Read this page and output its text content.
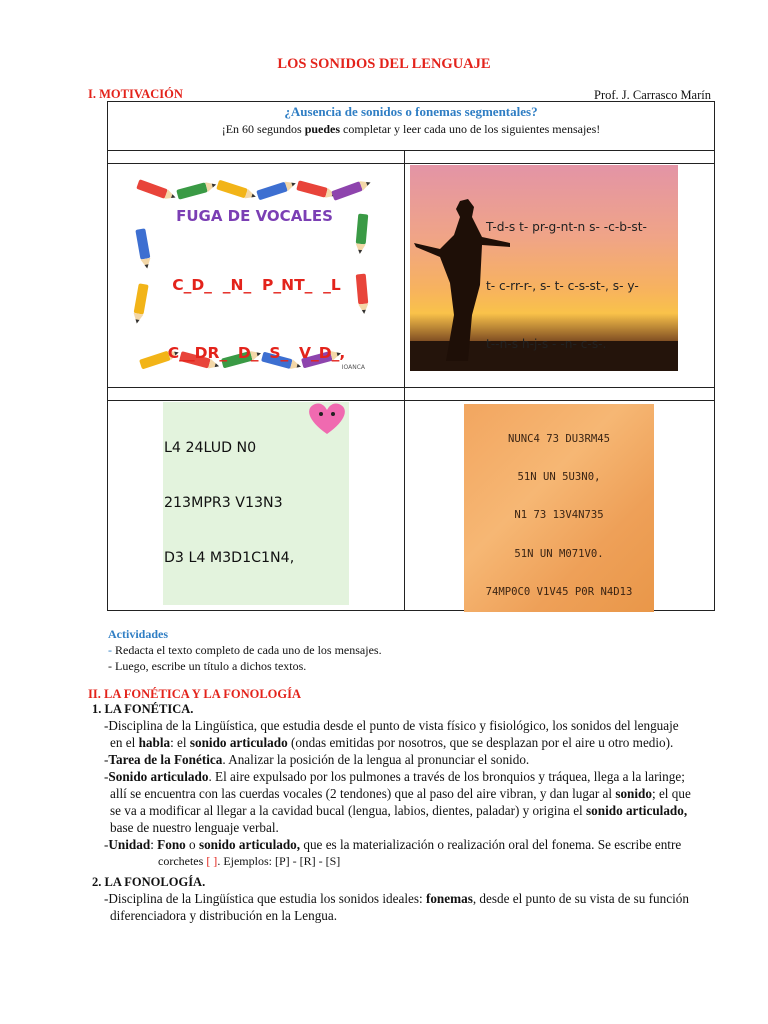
LOS SONIDOS DEL LENGUAJE
I. MOTIVACIÓN	Prof. J. Carrasco Marín
¿Ausencia de sonidos o fonemas segmentales?
¡En 60 segundos puedes completar y leer cada uno de los siguientes mensajes!	

FUGA DE VOCALES

C_D_  _N_  P_NT_  _L

C__DR_  D_  S_  V_D_,

IOANCA

T-d-s t- pr-g-nt-n s- -c-b-st-

t- c-rr-r-, s- t- c-s-st-, s- y-

t--n-s h-j-s - -n- c-s-.

L4 24LUD N0

213MPR3 V13N3

D3 L4 M3D1C1N4,

NUNC4 73 DU3RM45

51N UN 5U3N0,

N1 73 13V4N735

51N UN M071V0.

74MP0C0 V1V45 P0R N4D13

Actividades
- Redacta el texto completo de cada uno de los mensajes.
- Luego, escribe un título a dichos textos.
II. LA FONÉTICA Y LA FONOLOGÍA
1. LA FONÉTICA.
-Disciplina de la Lingüística, que estudia desde el punto de vista físico y fisiológico, los sonidos del lenguaje
en el habla: el sonido articulado (ondas emitidas por nosotros, que se desplazan por el aire u otro medio).
-Tarea de la Fonética. Analizar la posición de la lengua al pronunciar el sonido.
-Sonido articulado. El aire expulsado por los pulmones a través de los bronquios y tráquea, llega a la laringe;
allí se encuentra con las cuerdas vocales (2 tendones) que al paso del aire vibran, y dan lugar al sonido; el que
se va a modificar al llegar a la cavidad bucal (lengua, labios, dientes, paladar) y origina el sonido articulado,
base de nuestro lenguaje verbal.
-Unidad: Fono o sonido articulado, que es la materialización o realización oral del fonema. Se escribe entre
corchetes [ ]. Ejemplos: [P] - [R] - [S]
2. LA FONOLOGÍA.
-Disciplina de la Lingüística que estudia los sonidos ideales: fonemas, desde el punto de su vista de su función
diferenciadora y distribución en la Lengua.
